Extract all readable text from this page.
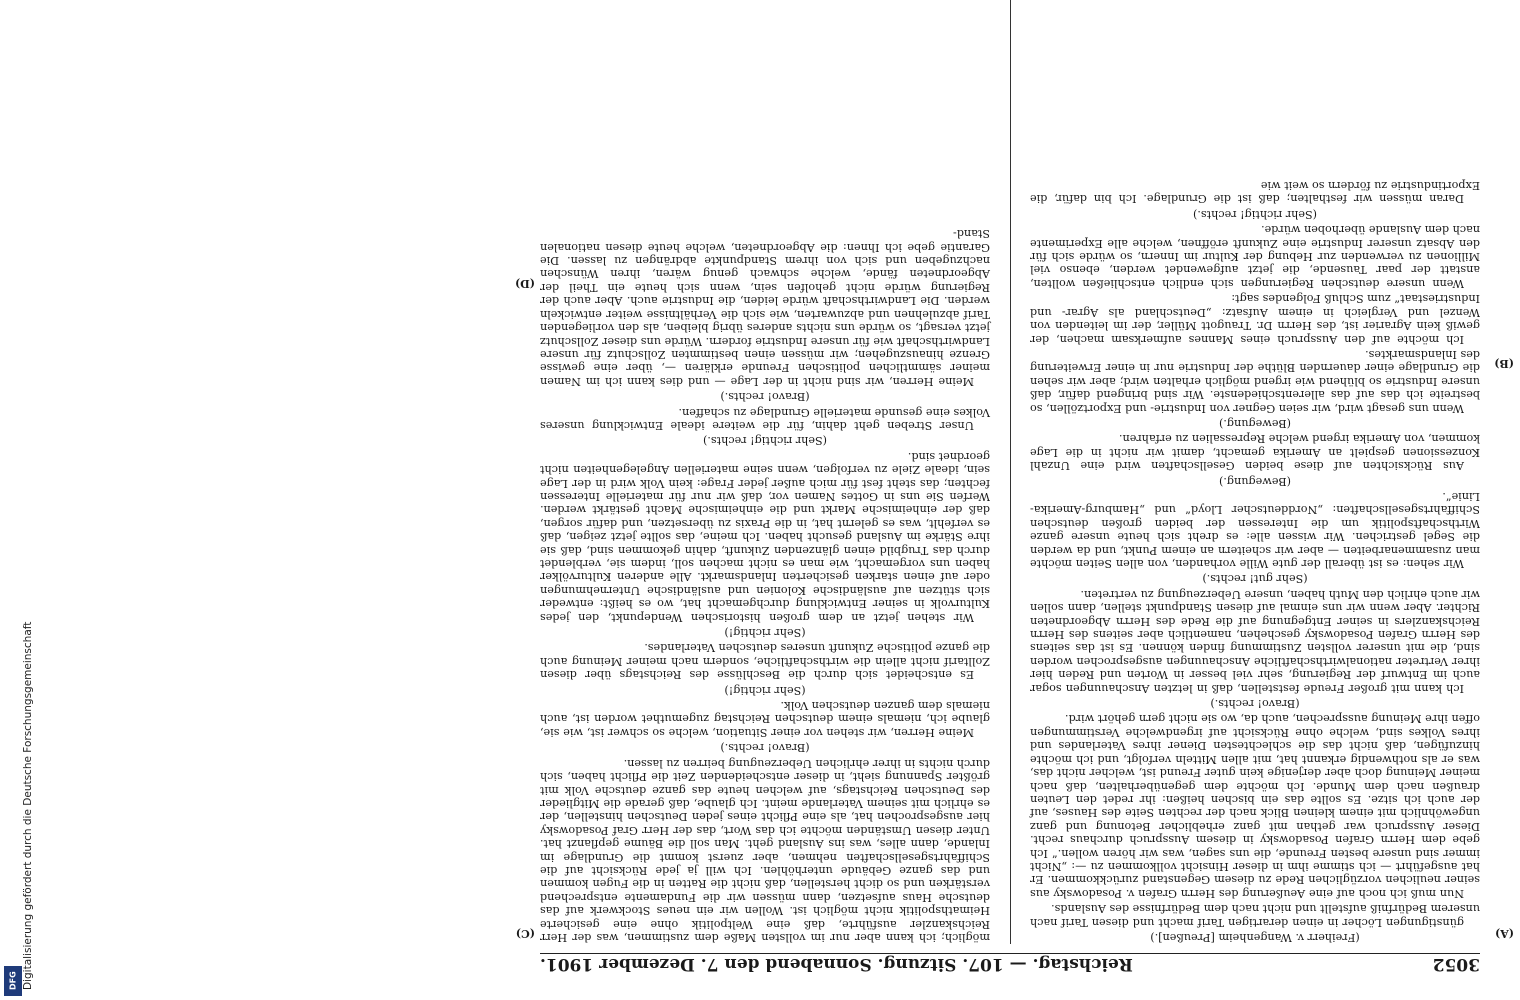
DFG Digitalisierung gefördert durch die Deutsche Forschungsgemeinschaft	3052
Reichstag. — 107. Sitzung. Sonnabend den 7. Dezember 1901.
(A)
(B)
(C)
(D)

(Freiherr v. Wangenheim [Preußen].)

günstigungen Löcher in einen derartigen Tarif macht und diesen Tarif nach unserem Bedürfniß aufstellt und nicht nach dem Bedürfnisse des Auslands.

Nun muß ich noch auf eine Aeußerung des Herrn Grafen v. Posadowsky aus seiner neulichen vorzüglichen Rede zu diesem Gegenstand zurückkommen. Er hat ausgeführt — ich stimme ihm in dieser Hinsicht vollkommen zu —: „Nicht immer sind unsere besten Freunde, die uns sagen, was wir hören wollen.“ Ich gebe dem Herrn Grafen Posadowsky in diesem Ausspruch durchaus recht. Dieser Ausspruch war gethan mit ganz erheblicher Betonung und ganz ungewöhnlich mit einem kleinen Blick nach der rechten Seite des Hauses, auf der auch ich sitze. Es sollte das ein bischen heißen: ihr redet den Leuten draußen nach dem Munde. Ich möchte dem gegenüberhalten, daß nach meiner Meinung doch aber derjenige kein guter Freund ist, welcher nicht das, was er als nothwendig erkannt hat, mit allen Mitteln verfolgt, und ich möchte hinzufügen, daß nicht das die schlechtesten Diener ihres Vaterlandes und ihres Volkes sind, welche ohne Rücksicht auf irgendwelche Verstimmungen offen ihre Meinung aussprechen, auch da, wo sie nicht gern gehört wird.

(Bravo! rechts.)

Ich kann mit großer Freude feststellen, daß in letzten Anschauungen sogar auch im Entwurf der Regierung, sehr viel besser in Worten und Reden hier ihrer Vertreter nationalwirthschaftliche Anschauungen ausgesprochen worden sind, die mit unserer vollsten Zustimmung finden können. Es ist das seitens des Herrn Grafen Posadowsky geschehen, namentlich aber seitens des Herrn Reichskanzlers in seiner Entgegnung auf die Rede des Herrn Abgeordneten Richter. Aber wenn wir uns einmal auf diesen Standpunkt stellen, dann sollen wir auch ehrlich den Muth haben, unsere Ueberzeugung zu vertreten.

(Sehr gut! rechts.)

Wir sehen: es ist überall der gute Wille vorhanden, von allen Seiten möchte man zusammenarbeiten — aber wir scheitern an einem Punkt, und da werden die Segel gestrichen. Wir wissen alle: es dreht sich heute unsere ganze Wirthschaftspolitik um die Interessen der beiden großen deutschen Schiffahrtsgesellschaften: „Norddeutscher Lloyd“ und „Hamburg-Amerika-Linie“.

(Bewegung.)

Aus Rücksichten auf diese beiden Gesellschaften wird eine Unzahl Konzessionen gespielt an Amerika gemacht, damit wir nicht in die Lage kommen, von Amerika irgend welche Repressalien zu erfahren.

(Bewegung.)

Wenn uns gesagt wird, wir seien Gegner von Industrie- und Exportzöllen, so bestreite ich das auf das allerentschiedenste. Wir sind bringend dafür, daß unsere Industrie so blühend wie irgend möglich erhalten wird; aber wir sehen die Grundlage einer dauernden Blüthe der Industrie nur in einer Erweiterung des Inlandsmarktes.

Ich möchte auf den Ausspruch eines Mannes aufmerksam machen, der gewiß kein Agrarier ist, des Herrn Dr. Traugott Müller, der im leitenden von Wenzel und Vergleich in einem Aufsatz: „Deutschland als Agrar- und Industriestaat“ zum Schluß Folgendes sagt:

Wenn unsere deutschen Regierungen sich endlich entschließen wollten, anstatt der paar Tausende, die jetzt aufgewendet werden, ebenso viel Millionen zu verwenden zur Hebung der Kultur im Innern, so würde sich für den Absatz unserer Industrie eine Zukunft eröffnen, welche alle Experimente nach dem Auslande überhoben würde.

(Sehr richtig! rechts.)

Daran müssen wir festhalten; daß ist die Grundlage. Ich bin dafür, die Exportindustrie zu fördern so weit wie

möglich; ich kann aber nur im vollsten Maße dem zustimmen, was der Herr Reichskanzler ausführte, daß eine Weltpolitik ohne eine gesicherte Heimathspolitik nicht möglich ist. Wollen wir ein neues Stockwerk auf das deutsche Haus aufsetzen, dann müssen wir die Fundamente entsprechend verstärken und so dicht herstellen, daß nicht die Ratten in die Fugen kommen und das ganze Gebäude unterhöhlen. Ich will ja jede Rücksicht auf die Schiffahrtsgesellschaften nehmen, aber zuerst kommt die Grundlage im Inlande, dann alles, was ins Ausland geht. Man soll die Bäume gepflanzt hat. Unter diesen Umständen möchte ich das Wort, das der Herr Graf Posadowsky hier ausgesprochen hat, als eine Pflicht eines jeden Deutschen hinstellen, der es ehrlich mit seinem Vaterlande meint. Ich glaube, daß gerade die Mitglieder des Deutschen Reichstags, auf welchen heute das ganze deutsche Volk mit größter Spannung sieht, in dieser entscheidenden Zeit die Pflicht haben, sich durch nichts in ihrer ehrlichen Ueberzeugung beirren zu lassen.

(Bravo! rechts.)

Meine Herren, wir stehen vor einer Situation, welche so schwer ist, wie sie, glaube ich, niemals einem deutschen Reichstag zugemuthet worden ist, auch niemals dem ganzen deutschen Volk.

(Sehr richtig!)

Es entscheidet sich durch die Beschlüsse des Reichstags über diesen Zolltarif nicht allein die wirthschaftliche, sondern nach meiner Meinung auch die ganze politische Zukunft unseres deutschen Vaterlandes.

(Sehr richtig!)

Wir stehen jetzt an dem großen historischen Wendepunkt, den jedes Kulturvolk in seiner Entwicklung durchgemacht hat, wo es heißt: entweder sich stützen auf ausländische Kolonien und ausländische Unternehmungen oder auf einen starken gesicherten Inlandsmarkt. Alle anderen Kulturvölker haben uns vorgemacht, wie man es nicht machen soll, indem sie, verblendet durch das Trugbild einen glänzenden Zukunft, dahin gekommen sind, daß sie ihre Stärke im Ausland gesucht haben. Ich meine, das sollte jetzt zeigen, daß es verfehlt, was es gelernt hat, in die Praxis zu übersetzen, und dafür sorgen, daß der einheimische Markt und die einheimische Macht gestärkt werden. Werfen Sie uns in Gottes Namen vor, daß wir nur für materielle Interessen fechten; das steht fest für mich außer jeder Frage: kein Volk wird in der Lage sein, ideale Ziele zu verfolgen, wenn seine materiellen Angelegenheiten nicht geordnet sind.

(Sehr richtig! rechts.)

Unser Streben geht dahin, für die weitere ideale Entwicklung unseres Volkes eine gesunde materielle Grundlage zu schaffen.

(Bravo! rechts.)

Meine Herren, wir sind nicht in der Lage — und dies kann ich im Namen meiner sämmtlichen politischen Freunde erklären —, über eine gewisse Grenze hinauszugehen; wir müssen einen bestimmten Zollschutz für unsere Landwirthschaft wie für unsere Industrie fordern. Würde uns dieser Zollschutz jetzt versagt, so würde uns nichts anderes übrig bleiben, als den vorliegenden Tarif abzulehnen und abzuwarten, wie sich die Verhältnisse weiter entwickeln werden. Die Landwirthschaft würde leiden, die Industrie auch. Aber auch der Regierung würde nicht geholfen sein, wenn sich heute ein Theil der Abgeordneten fände, welche schwach genug wären, ihren Wünschen nachzugeben und sich von ihrem Standpunkte abdrängen zu lassen. Die Garantie gebe ich Ihnen: die Abgeordneten, welche heute diesen nationalen Stand-
